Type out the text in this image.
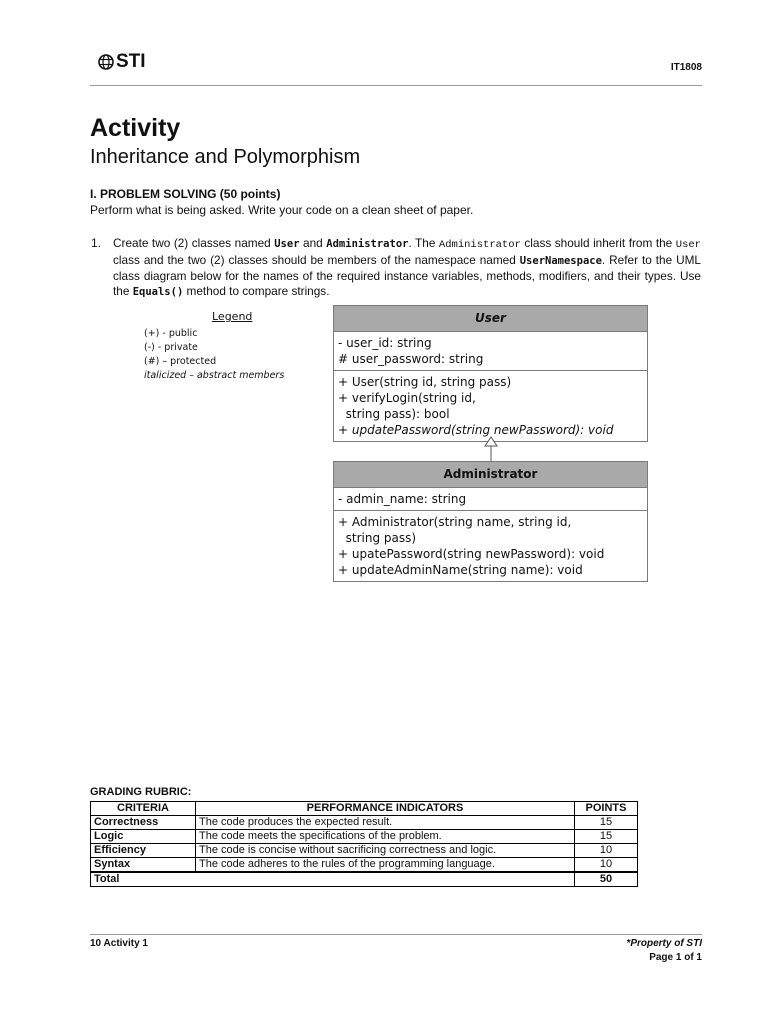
STI	IT1808
Activity
Inheritance and Polymorphism
I. PROBLEM SOLVING (50 points)
Perform what is being asked. Write your code on a clean sheet of paper.
1. Create two (2) classes named User and Administrator. The Administrator class should inherit from the User class and the two (2) classes should be members of the namespace named UserNamespace. Refer to the UML class diagram below for the names of the required instance variables, methods, modifiers, and their types. Use the Equals() method to compare strings.
Legend
(+) - public
(-) - private
(#) – protected
italicized – abstract members
User
- user_id: string
# user_password: string
+ User(string id, string pass)
+ verifyLogin(string id,
string pass): bool
+ updatePassword(string newPassword): void
Administrator
- admin_name: string
+ Administrator(string name, string id,
string pass)
+ upatePassword(string newPassword): void
+ updateAdminName(string name): void
GRADING RUBRIC:
CRITERIA	PERFORMANCE INDICATORS	POINTS
Correctness	The code produces the expected result.	15
Logic	The code meets the specifications of the problem.	15
Efficiency	The code is concise without sacrificing correctness and logic.	10
Syntax	The code adheres to the rules of the programming language.	10
Total		50
10 Activity 1	*Property of STI
Page 1 of 1
